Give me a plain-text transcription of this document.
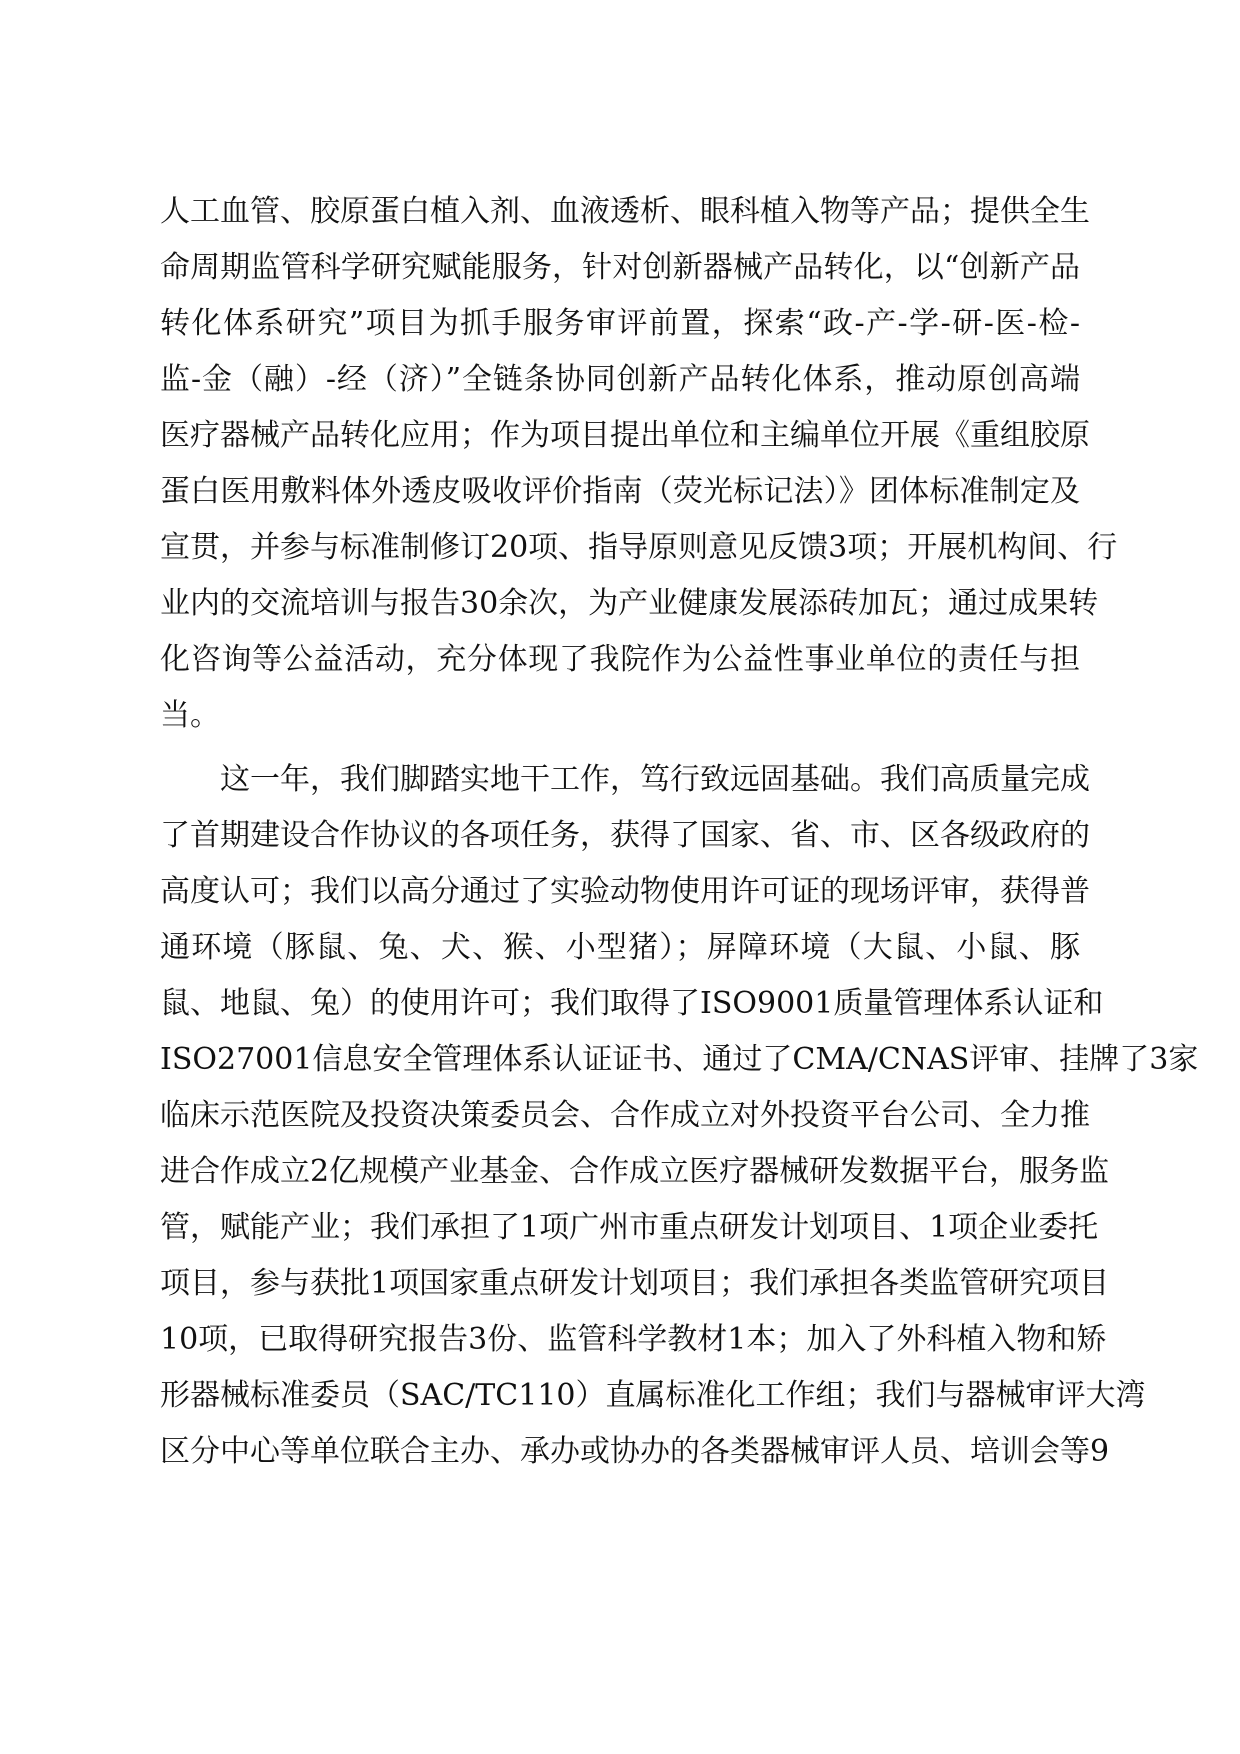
人工血管、胶原蛋白植入剂、血液透析、眼科植入物等产品；提供全生
命周期监管科学研究赋能服务，针对创新器械产品转化，以“创新产品
转化体系研究”项目为抓手服务审评前置，探索“政-产-学-研-医-检-
监-金（融）-经（济）”全链条协同创新产品转化体系，推动原创高端
医疗器械产品转化应用；作为项目提出单位和主编单位开展《重组胶原
蛋白医用敷料体外透皮吸收评价指南（荧光标记法）》团体标准制定及
宣贯，并参与标准制修订20项、指导原则意见反馈3项；开展机构间、行
业内的交流培训与报告30余次，为产业健康发展添砖加瓦；通过成果转
化咨询等公益活动，充分体现了我院作为公益性事业单位的责任与担
当。
这一年，我们脚踏实地干工作，笃行致远固基础。我们高质量完成
了首期建设合作协议的各项任务，获得了国家、省、市、区各级政府的
高度认可；我们以高分通过了实验动物使用许可证的现场评审，获得普
通环境（豚鼠、兔、犬、猴、小型猪）；屏障环境（大鼠、小鼠、豚
鼠、地鼠、兔）的使用许可；我们取得了ISO9001质量管理体系认证和
ISO27001信息安全管理体系认证证书、通过了CMA/CNAS评审、挂牌了3家
临床示范医院及投资决策委员会、合作成立对外投资平台公司、全力推
进合作成立2亿规模产业基金、合作成立医疗器械研发数据平台，服务监
管，赋能产业；我们承担了1项广州市重点研发计划项目、1项企业委托
项目，参与获批1项国家重点研发计划项目；我们承担各类监管研究项目
10项，已取得研究报告3份、监管科学教材1本；加入了外科植入物和矫
形器械标准委员（SAC/TC110）直属标准化工作组；我们与器械审评大湾
区分中心等单位联合主办、承办或协办的各类器械审评人员、培训会等9
